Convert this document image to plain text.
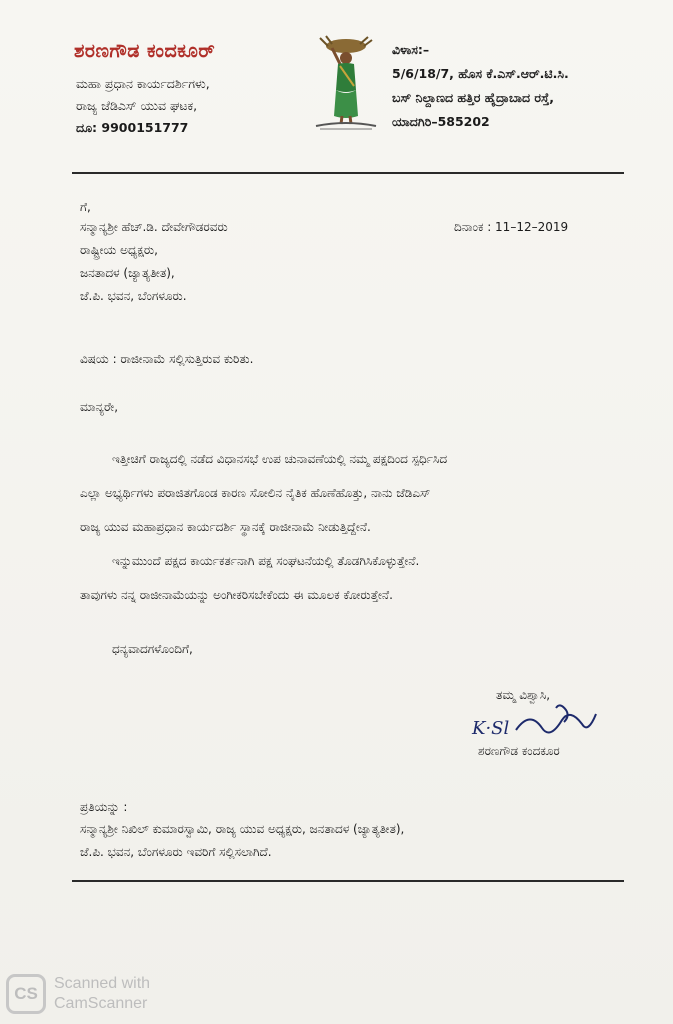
ಶರಣಗೌಡ ಕಂದಕೂರ್
ಮಹಾ ಪ್ರಧಾನ ಕಾರ್ಯದರ್ಶಿಗಳು,
ರಾಜ್ಯ ಜೆಡಿಎಸ್ ಯುವ ಘಟಕ,
ದೂ: 9900151777
ವಿಳಾಸ:–
5/6/18/7, ಹೊಸ ಕೆ.ಎಸ್.ಆರ್.ಟಿ.ಸಿ.
ಬಸ್ ನಿಲ್ದಾಣದ ಹತ್ತಿರ ಹೈದ್ರಾಬಾದ ರಸ್ತೆ,
ಯಾದಗಿರಿ–585202
ಗೆ,
ಸನ್ಮಾನ್ಯಶ್ರೀ ಹೆಚ್.ಡಿ. ದೇವೇಗೌಡರವರು
ರಾಷ್ಟ್ರೀಯ ಅಧ್ಯಕ್ಷರು,
ಜನತಾದಳ (ಜ್ಯಾತ್ಯತೀತ),
ಜೆ.ಪಿ. ಭವನ, ಬೆಂಗಳೂರು.
ದಿನಾಂಕ : 11–12–2019
ವಿಷಯ : ರಾಜೀನಾಮೆ ಸಲ್ಲಿಸುತ್ತಿರುವ ಕುರಿತು.
ಮಾನ್ಯರೇ,
ಇತ್ತೀಚಿಗೆ ರಾಜ್ಯದಲ್ಲಿ ನಡೆದ ವಿಧಾನಸಭೆ ಉಪ ಚುನಾವಣೆಯಲ್ಲಿ ನಮ್ಮ ಪಕ್ಷದಿಂದ ಸ್ಪರ್ಧಿಸಿದ
ಎಲ್ಲಾ ಅಭ್ಯರ್ಥಿಗಳು ಪರಾಜಿತಗೊಂಡ ಕಾರಣ ಸೋಲಿನ ನೈತಿಕ ಹೊಣೆಹೊತ್ತು, ನಾನು ಜೆಡಿಎಸ್
ರಾಜ್ಯ ಯುವ ಮಹಾಪ್ರಧಾನ ಕಾರ್ಯದರ್ಶಿ ಸ್ಥಾನಕ್ಕೆ ರಾಜೀನಾಮೆ ನೀಡುತ್ತಿದ್ದೇನೆ.
ಇನ್ನುಮುಂದೆ ಪಕ್ಷದ ಕಾರ್ಯಕರ್ತನಾಗಿ ಪಕ್ಷ ಸಂಘಟನೆಯಲ್ಲಿ ತೊಡಗಿಸಿಕೊಳ್ಳುತ್ತೇನೆ.
ತಾವುಗಳು ನನ್ನ ರಾಜೀನಾಮೆಯನ್ನು ಅಂಗೀಕರಿಸಬೇಕೆಂದು ಈ ಮೂಲಕ ಕೋರುತ್ತೇನೆ.
ಧನ್ಯವಾದಗಳೊಂದಿಗೆ,
ತಮ್ಮ ವಿಶ್ವಾಸಿ,
K·Sl
ಶರಣಗೌಡ ಕಂದಕೂರ
ಪ್ರತಿಯನ್ನು :
ಸನ್ಮಾನ್ಯಶ್ರೀ ನಿಖಿಲ್ ಕುಮಾರಸ್ವಾಮಿ, ರಾಜ್ಯ ಯುವ ಅಧ್ಯಕ್ಷರು, ಜನತಾದಳ (ಜ್ಯಾತ್ಯತೀತ),
ಜೆ.ಪಿ. ಭವನ, ಬೆಂಗಳೂರು ಇವರಿಗೆ ಸಲ್ಲಿಸಲಾಗಿದೆ.
CS
Scanned with
CamScanner
